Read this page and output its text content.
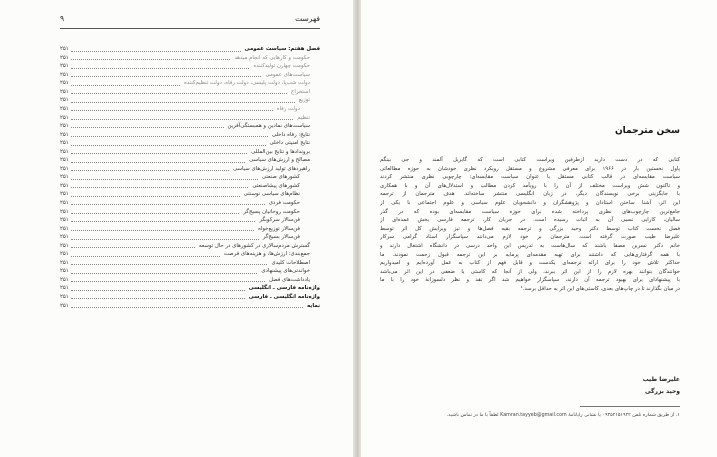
فهرست
۹
فصل هفتم: سیاست عمومی
۲۵۱
حکومت و کارهایی که انجام میدهد
۲۵۱
حکومت چهارن تولیدکننده
۲۵۱
سیاست‌های عمومی
۲۵۱
دولت شب‌پا، دولت پلیسی، دولت رفاه، دولت تنظیم‌کننده
۲۵۱
استخراج
۲۵۱
توزیع
۲۵۱
دولت رفاه
۲۵۱
تنظیم
۲۵۱
سیاست‌های نمادین و همبستگی‌آفرین
۲۵۱
نتایج: رفاه داخلی
۲۵۱
نتایج امنیتی داخلی
۲۵۱
بروندادها و نتایج بین‌المللی
۲۵۱
مصالح و ارزش‌های سیاسی
۲۵۱
راهبردهای تولید ارزش‌های سیاسی
۲۵۱
کشورهای صنعتی
۲۵۱
کشورهای پیشاصنعتی
۲۵۱
نظام‌های سیاسی نوسنتی
۲۵۱
حکومت فردی
۲۵۱
حکومت روحانیان پسیج‌گر
۲۵۱
فن‌سالار سرکوبگر
۲۵۱
فن‌سالار توزیع‌خواه
۲۵۱
فن‌سالار بسیج‌گر
۲۵۱
گسترش مردم‌سالاری در کشورهای در حال توسعه
۲۵۱
جمع‌بندی: ارزش‌ها، و هزینه‌های فرصت
۲۵۱
اصطلاحات کلیدی
۲۵۱
خواندنی‌های پیشنهادی
۲۵۱
یادداشت‌های فصل
۲۵۱
واژه‌نامه فارسی ـ انگلیسی
۲۵۱
واژه‌نامه انگلیسی ـ فارسی
۲۵۱
نمایه
۲۵۱
سخن مترجمان
کتابی که در دست دارید ازطرفین ویراست کتابی است که گابریل آلمند و جی بینگم
پاول نخستین بار در ۱۹۶۶ برای معرفی مشروع و مستقل رویکرد نظری خودشان به حوزه مطالعاتی
سیاست مقایسه‌ای در قالب کتابی مستقل با عنوان سیاست مقایسه‌ای: چارچوبی نظری منتشر کردند
و تاکنون شش ویراست مختلف از آن را با رویآمد کردن مطالب و استدلال‌های آن و با همکاری
با جایگزینی برخی نویسندگان دیگر، در زبان انگلیسی منتشر ساخته‌اند. هدف مترجمان از ترجمه
این اثر، آشنا ساختن استادان و پژوهشگران و دانشجویان علوم سیاسی و علوم اجتماعی با یکی از
جامع‌ترین چارچوب‌های نظری پرداخته شده برای حوزه سیاست مقایسه‌ای بوده که در گذر
سالیان، کارایی نسبی آن به اثبات رسیده است. در جریان کار، ترجمه فارسی بخش عمده‌ای از
فصل نخست کتاب توسط دکتر وحید بزرگی و ترجمه بقیه فصل‌ها و نیز ویرایش کل اثر توسط
علیرضا طیب صورت گرفته است. مترجمان بر خود لازم می‌دانند سپاسگزار استاد گرامی سرکار
خانم دکتر نسرین مصفا باشند که سال‌هاست به تدریس این واحد درسی در دانشگاه اشتغال دارند و
با همه گرفتاری‌هایی که داشتند برای تهیه مقدمه‌ای پرمایه بر این ترجمه قبول زحمت نمودند. ما
حداکثر تلاش خود را برای ارائه ترجمه‌ای یکدست و قابل فهم از کتاب به عمل آورده‌ایم و امیدواریم
خوانندگان بتوانند بهره لازم را از این اثر ببرند، ولی از آنجا که کاستی یا ضعفی در این اثر می‌باشد
با پیشنهادای برای بهبود ترجمه آن دارند، سپاسگزار خواهیم شد اگر نقد و نظر دلسوزانهٔ خود را با ما
در میان بگذارند تا در چاپ‌های بعدی، کاستی‌های این اثر به حداقل برسد.¹
علیرضا طیب
وحید بزرگی
۱. از طریق شماره تلفن ۰۹۳۵۲۱۵۱۹۲۲ یا نشانی رایانامهٔ Kamran.tayyeb@gmail.com لطفاً با ما در تماس باشید.
